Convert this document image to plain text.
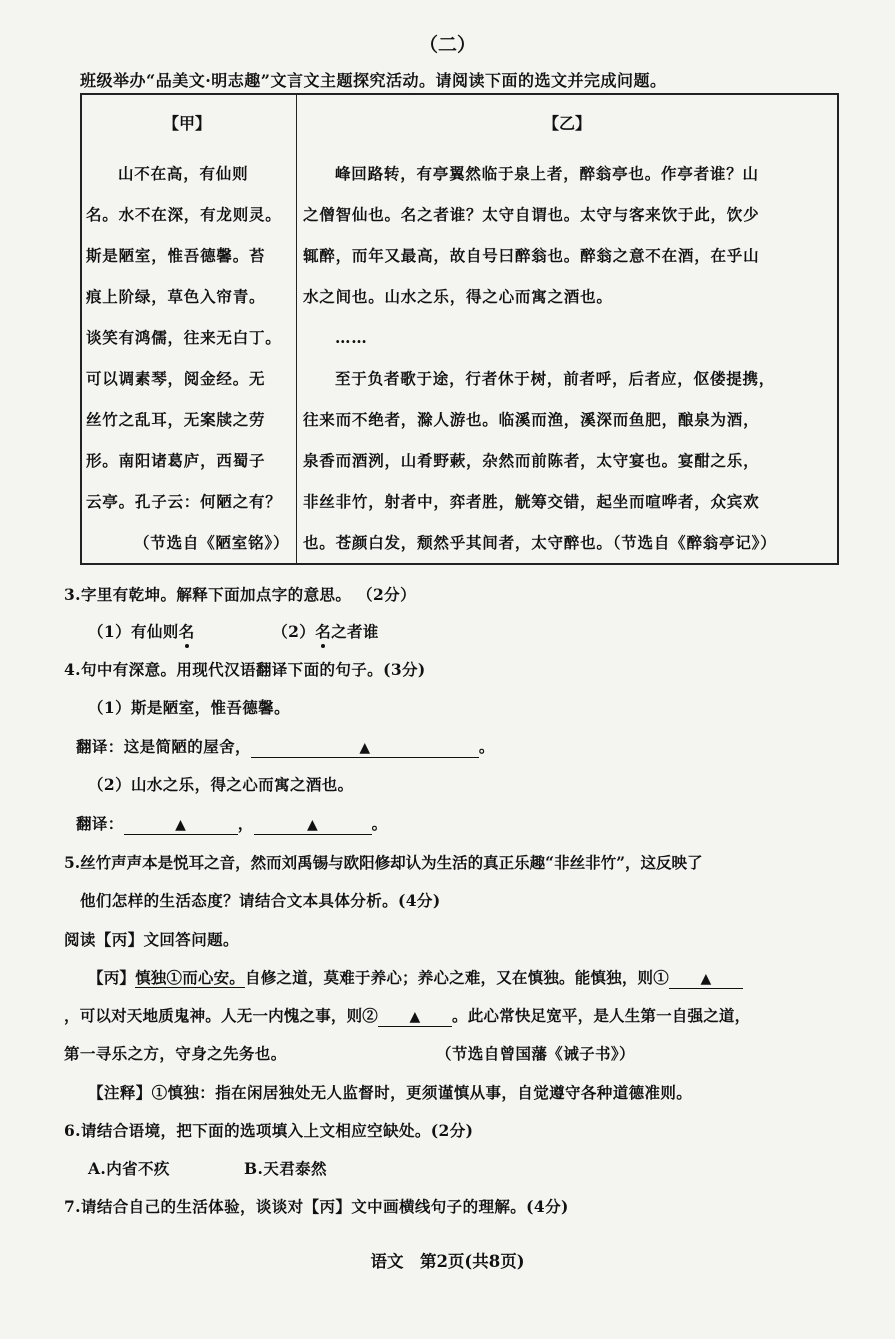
（二）
班级举办“品美文·明志趣”文言文主题探究活动。请阅读下面的选文并完成问题。
【甲】
山不在高，有仙则
名。水不在深，有龙则灵。
斯是陋室，惟吾德馨。苔
痕上阶绿，草色入帘青。
谈笑有鸿儒，往来无白丁。
可以调素琴，阅金经。无
丝竹之乱耳，无案牍之劳
形。南阳诸葛庐，西蜀子
云亭。孔子云：何陋之有？
（节选自《陋室铭》）
【乙】
峰回路转，有亭翼然临于泉上者，醉翁亭也。作亭者谁？山
之僧智仙也。名之者谁？太守自谓也。太守与客来饮于此，饮少
辄醉，而年又最高，故自号曰醉翁也。醉翁之意不在酒，在乎山
水之间也。山水之乐，得之心而寓之酒也。
……
至于负者歌于途，行者休于树，前者呼，后者应，伛偻提携，
往来而不绝者，滁人游也。临溪而渔，溪深而鱼肥，酿泉为酒，
泉香而酒洌，山肴野蔌，杂然而前陈者，太守宴也。宴酣之乐，
非丝非竹，射者中，弈者胜，觥筹交错，起坐而喧哗者，众宾欢
也。苍颜白发，颓然乎其间者，太守醉也。（节选自《醉翁亭记》）
3.字里有乾坤。解释下面加点字的意思。 （2分）
（1）有仙则名	（2）名之者谁
4.句中有深意。用现代汉语翻译下面的句子。(3分)
（1）斯是陋室，惟吾德馨。
翻译：这是简陋的屋舍，	▲	。
（2）山水之乐，得之心而寓之酒也。
翻译：	▲	，	▲	。
5.丝竹声声本是悦耳之音，然而刘禹锡与欧阳修却认为生活的真正乐趣“非丝非竹”，这反映了
他们怎样的生活态度？请结合文本具体分析。(4分)
阅读【丙】文回答问题。
【丙】慎独①而心安。自修之道，莫难于养心；养心之难，又在慎独。能慎独，则① ▲
，可以对天地质鬼神。人无一内愧之事，则② ▲ 。此心常快足宽平，是人生第一自强之道，
第一寻乐之方，守身之先务也。	（节选自曾国藩《诫子书》）
【注释】①慎独：指在闲居独处无人监督时，更须谨慎从事，自觉遵守各种道德准则。
6.请结合语境，把下面的选项填入上文相应空缺处。(2分)
A.内省不疚	B.天君泰然
7.请结合自己的生活体验，谈谈对【丙】文中画横线句子的理解。(4分)
语文　第2页(共8页)
